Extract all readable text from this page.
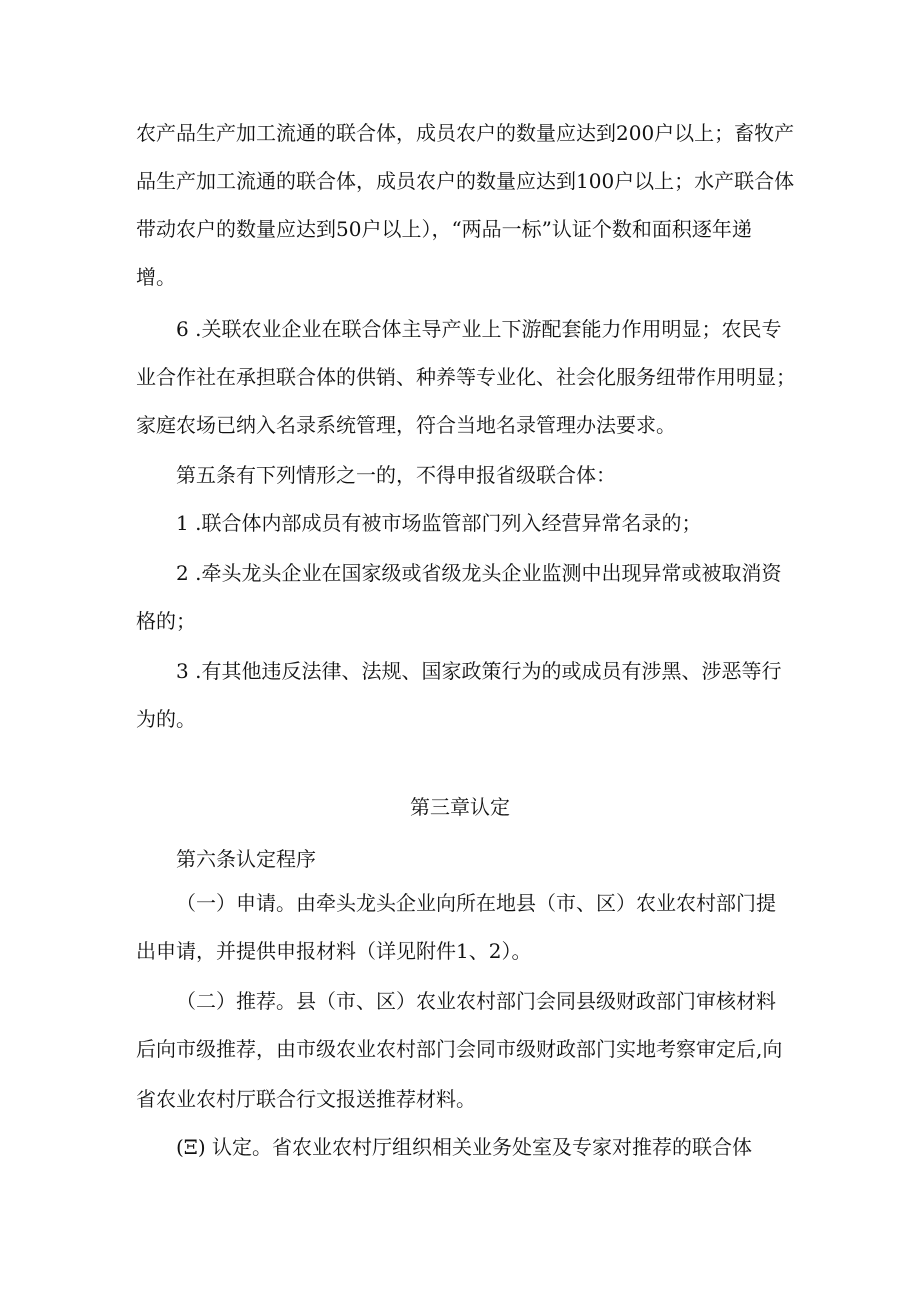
农产品生产加工流通的联合体，成员农户的数量应达到200户以上；畜牧产
品生产加工流通的联合体，成员农户的数量应达到100户以上；水产联合体
带动农户的数量应达到50户以上），“两品一标”认证个数和面积逐年递
增。
6 .关联农业企业在联合体主导产业上下游配套能力作用明显；农民专
业合作社在承担联合体的供销、种养等专业化、社会化服务纽带作用明显；
家庭农场已纳入名录系统管理，符合当地名录管理办法要求。
第五条有下列情形之一的，不得申报省级联合体：
1 .联合体内部成员有被市场监管部门列入经营异常名录的；
2 .牵头龙头企业在国家级或省级龙头企业监测中出现异常或被取消资
格的；
3 .有其他违反法律、法规、国家政策行为的或成员有涉黑、涉恶等行
为的。
第三章认定
第六条认定程序
（一）申请。由牵头龙头企业向所在地县（市、区）农业农村部门提
出申请，并提供申报材料（详见附件1、2）。
（二）推荐。县（市、区）农业农村部门会同县级财政部门审核材料
后向市级推荐，由市级农业农村部门会同市级财政部门实地考察审定后,向
省农业农村厅联合行文报送推荐材料。
(Ξ) 认定。省农业农村厅组织相关业务处室及专家对推荐的联合体
